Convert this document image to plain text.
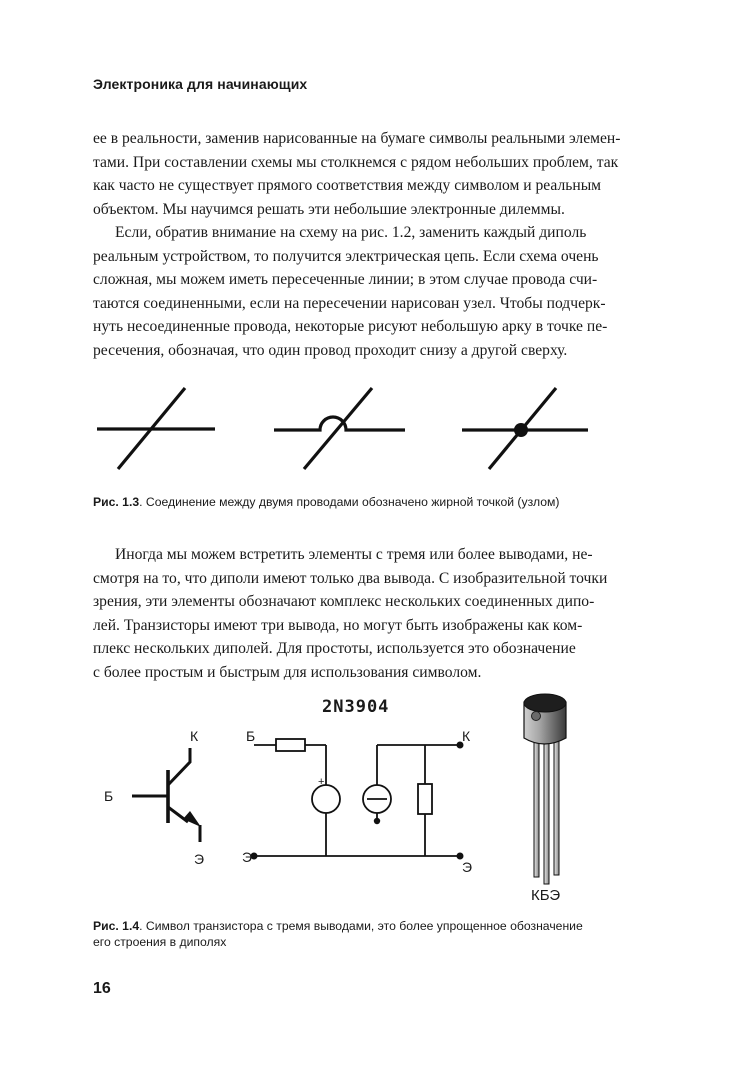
Электроника для начинающих
ее в реальности, заменив нарисованные на бумаге символы реальными элемен-
тами. При составлении схемы мы столкнемся с рядом небольших проблем, так
как часто не существует прямого соответствия между символом и реальным
объектом. Мы научимся решать эти небольшие электронные дилеммы.
Если, обратив внимание на схему на рис. 1.2, заменить каждый диполь
реальным устройством, то получится электрическая цепь. Если схема очень
сложная, мы можем иметь пересеченные линии; в этом случае провода счи-
таются соединенными, если на пересечении нарисован узел. Чтобы подчерк-
нуть несоединенные провода, некоторые рисуют небольшую арку в точке пе-
ресечения, обозначая, что один провод проходит снизу а другой сверху.
Рис. 1.3. Соединение между двумя проводами обозначено жирной точкой (узлом)
Иногда мы можем встретить элементы с тремя или более выводами, не-
смотря на то, что диполи имеют только два вывода. С изобразительной точки
зрения, эти элементы обозначают комплекс нескольких соединенных дипо-
лей. Транзисторы имеют три вывода, но могут быть изображены как ком-
плекс нескольких диполей. Для простоты, используется это обозначение
с более простым и быстрым для использования символом.
К
Б
Э
2N3904
+
Б	К
Э
Э
КБЭ
Рис. 1.4. Символ транзистора с тремя выводами, это более упрощенное обозначение
его строения в диполях
16
